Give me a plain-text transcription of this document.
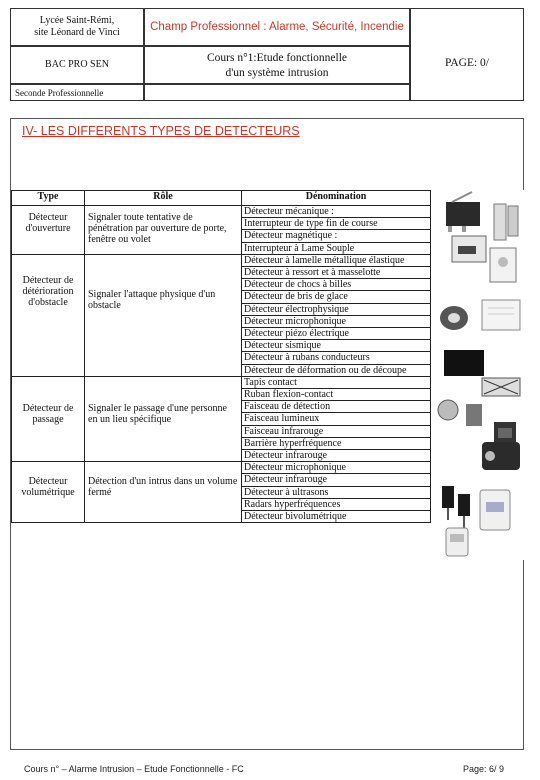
Lycée Saint-Rémi,
site Léonard de Vinci
BAC PRO SEN
Seconde Professionnelle
Champ Professionnel : Alarme, Sécurité, Incendie
Cours n°1:Etude fonctionnelle
d'un système intrusion
PAGE: 0/
IV- LES DIFFERENTS TYPES DE DETECTEURS
Type	Rôle	Dénomination

Détecteur d'ouverture	Signaler toute tentative de pénétration par ouverture de porte, fenêtre ou volet	Détecteur mécanique :
		Interrupteur de type fin de course
		Détecteur magnétique :
		Interrupteur à Lame Souple

Détecteur de détérioration d'obstacle	Signaler l'attaque physique d'un obstacle	Détecteur à lamelle métallique élastique
		Détecteur à ressort et à masselotte
		Détecteur de chocs à billes
		Détecteur de bris de glace
		Détecteur électrophysique
		Détecteur microphonique
		Détecteur piézo électrique
		Détecteur sismique
		Détecteur à rubans conducteurs
		Détecteur de déformation ou de découpe

Détecteur de passage	Signaler le passage d'une personne en un lieu spécifique	Tapis contact
		Ruban flexion-contact
		Faisceau de détection
		Faisceau lumineux
		Faisceau infrarouge
		Barrière hyperfréquence
		Détecteur infrarouge

Détecteur volumétrique	Détection d'un intrus dans un volume fermé	Détecteur microphonique
		Détecteur infrarouge
		Détecteur à ultrasons
		Radars hyperfréquences
		Détecteur bivolumétrique
Cours n° – Alarme Intrusion – Etude Fonctionnelle - FC	Page: 6/ 9
